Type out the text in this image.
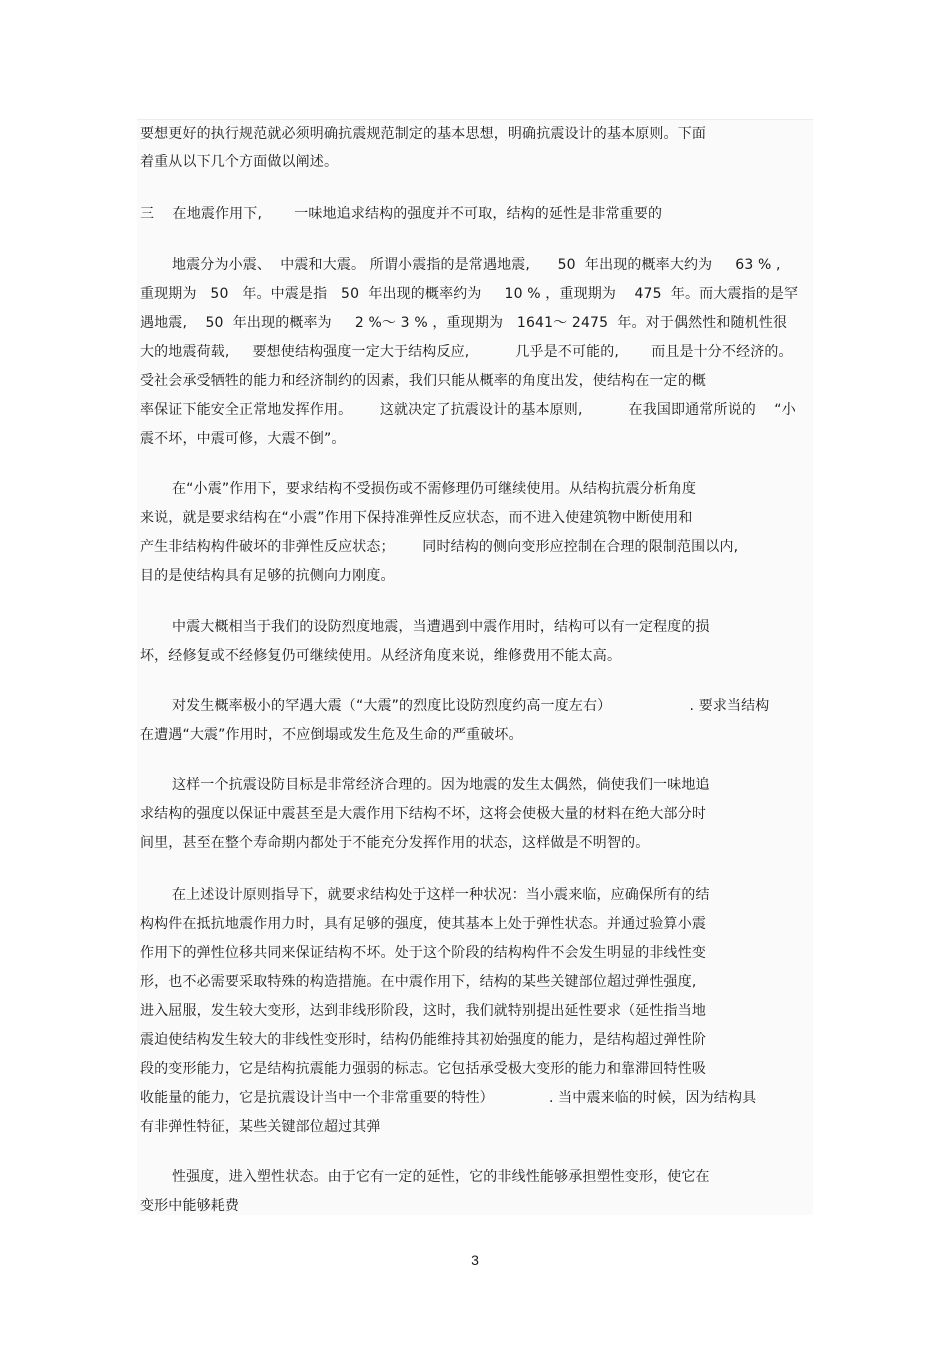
要想更好的执行规范就必须明确抗震规范制定的基本思想，明确抗震设计的基本原则。下面
着重从以下几个方面做以阐述。
三    在地震作用下,       一味地追求结构的强度并不可取，结构的延性是非常重要的
地震分为小震、  中震和大震。 所谓小震指的是常遇地震,      50  年出现的概率大约为     63 % ,
重现期为   50   年。中震是指   50  年出现的概率约为     10 % ，重现期为    475  年。而大震指的是罕
遇地震,    50  年出现的概率为     2 %～ 3 % ，重现期为   1641～ 2475  年。对于偶然性和随机性很
大的地震荷载,     要想使结构强度一定大于结构反应,          几乎是不可能的,       而且是十分不经济的。
受社会承受牺牲的能力和经济制约的因素，我们只能从概率的角度出发，使结构在一定的概
率保证下能安全正常地发挥作用。      这就决定了抗震设计的基本原则,          在我国即通常所说的    “小
震不坏，中震可修，大震不倒”。
在“小震”作用下，要求结构不受损伤或不需修理仍可继续使用。从结构抗震分析角度
来说，就是要求结构在“小震”作用下保持准弹性反应状态，而不进入使建筑物中断使用和
产生非结构构件破坏的非弹性反应状态；      同时结构的侧向变形应控制在合理的限制范围以内,
目的是使结构具有足够的抗侧向力刚度。
中震大概相当于我们的设防烈度地震，当遭遇到中震作用时，结构可以有一定程度的损
坏，经修复或不经修复仍可继续使用。从经济角度来说，维修费用不能太高。
对发生概率极小的罕遇大震（“大震”的烈度比设防烈度约高一度左右）                 . 要求当结构
在遭遇“大震”作用时，不应倒塌或发生危及生命的严重破坏。
这样一个抗震设防目标是非常经济合理的。因为地震的发生太偶然，倘使我们一味地追
求结构的强度以保证中震甚至是大震作用下结构不坏，这将会使极大量的材料在绝大部分时
间里，甚至在整个寿命期内都处于不能充分发挥作用的状态，这样做是不明智的。
在上述设计原则指导下，就要求结构处于这样一种状况：当小震来临，应确保所有的结
构构件在抵抗地震作用力时，具有足够的强度，使其基本上处于弹性状态。并通过验算小震
作用下的弹性位移共同来保证结构不坏。处于这个阶段的结构构件不会发生明显的非线性变
形，也不必需要采取特殊的构造措施。在中震作用下，结构的某些关键部位超过弹性强度,
进入屈服，发生较大变形，达到非线形阶段，这时，我们就特别提出延性要求（延性指当地
震迫使结构发生较大的非线性变形时，结构仍能维持其初始强度的能力，是结构超过弹性阶
段的变形能力，它是结构抗震能力强弱的标志。它包括承受极大变形的能力和靠滞回特性吸
收能量的能力，它是抗震设计当中一个非常重要的特性）            . 当中震来临的时候，因为结构具
有非弹性特征，某些关键部位超过其弹
性强度，进入塑性状态。由于它有一定的延性，它的非线性能够承担塑性变形，使它在
变形中能够耗费
3
